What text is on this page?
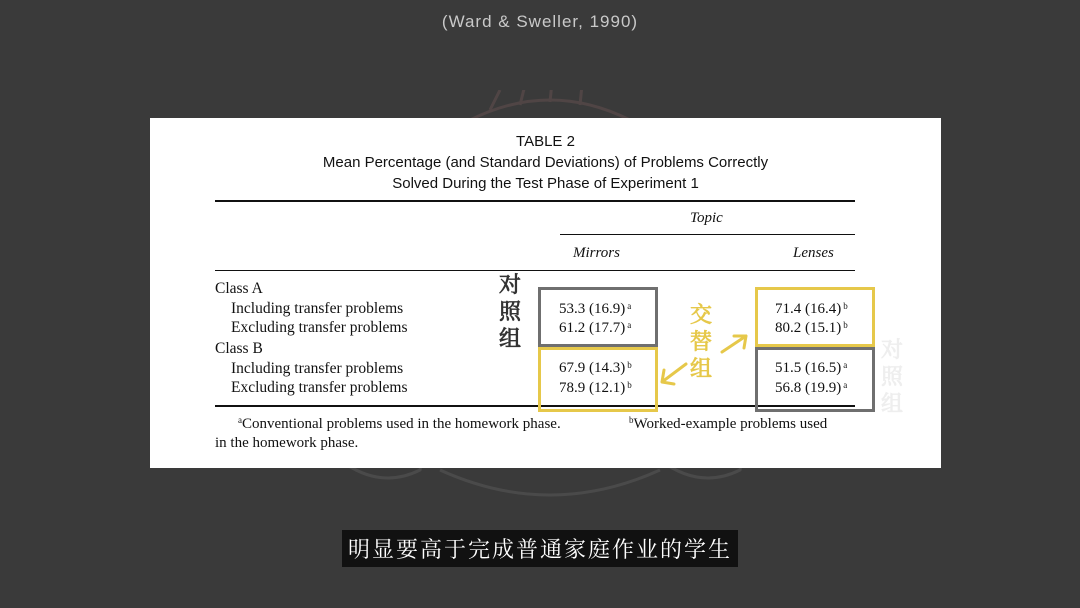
(Ward & Sweller, 1990)
TABLE 2
Mean Percentage (and Standard Deviations) of Problems Correctly
Solved During the Test Phase of Experiment 1
Topic
Mirrors	Lenses
Class A
Including transfer problems	53.3 (16.9) $^a$	71.4 (16.4) $^b$
Excluding transfer problems	61.2 (17.7) $^a$	80.2 (15.1) $^b$
Class B
Including transfer problems	67.9 (14.3) $^b$	51.5 (16.5) $^a$
Excluding transfer problems	78.9 (12.1) $^b$	56.8 (19.9) $^a$
$^a$Conventional problems used in the homework phase.	$^b$Worked-example problems used
in the homework phase.
对
照
组
交
替
组
对
照
组
明显要高于完成普通家庭作业的学生
